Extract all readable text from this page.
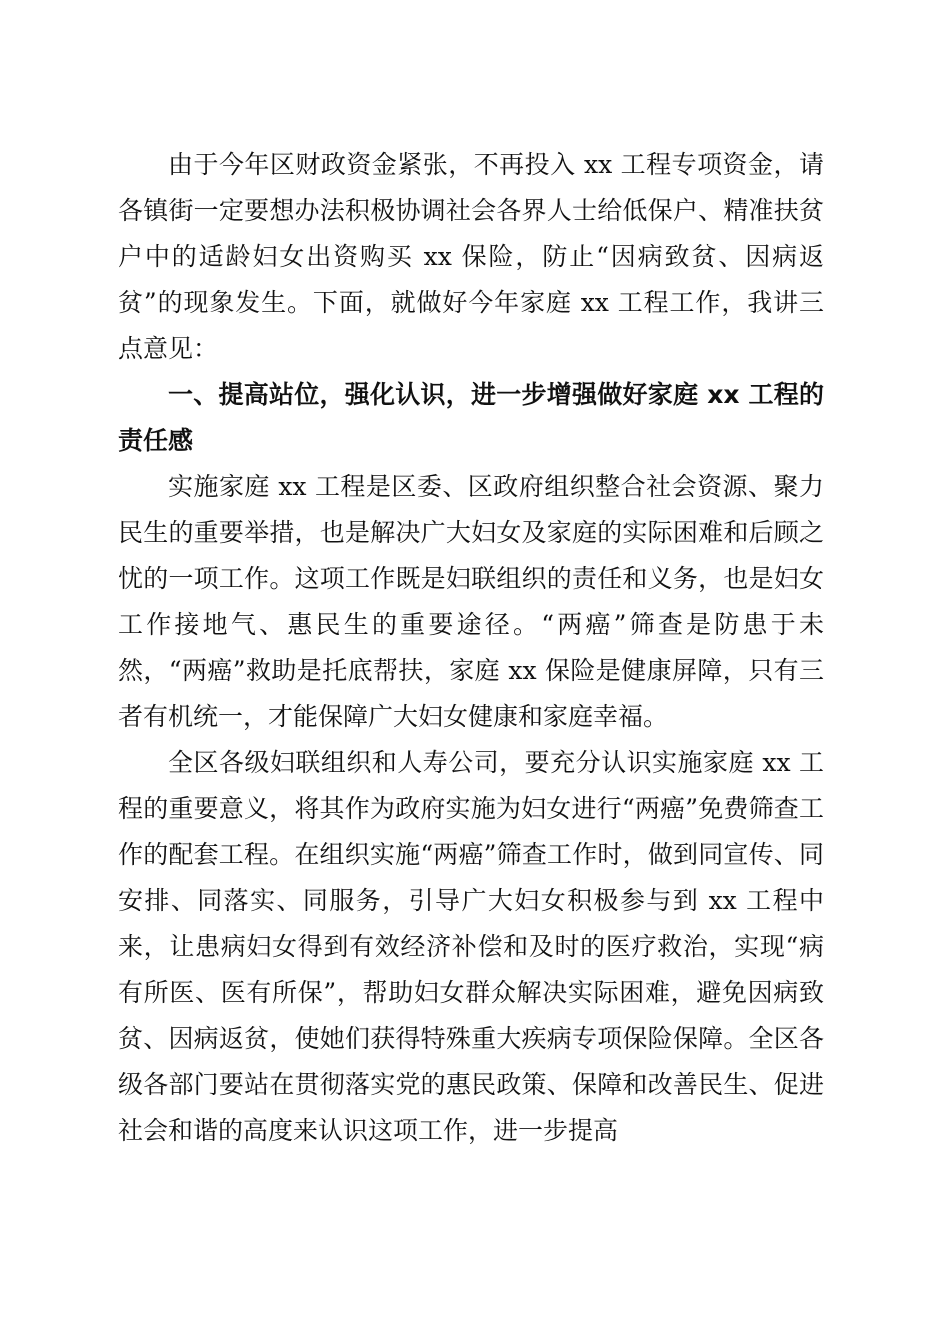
由于今年区财政资金紧张，不再投入 xx 工程专项资金，请各镇街一定要想办法积极协调社会各界人士给低保户、精准扶贫户中的适龄妇女出资购买 xx 保险，防止“因病致贫、因病返贫”的现象发生。下面，就做好今年家庭 xx 工程工作，我讲三点意见：

一、提高站位，强化认识，进一步增强做好家庭 xx 工程的责任感

实施家庭 xx 工程是区委、区政府组织整合社会资源、聚力民生的重要举措，也是解决广大妇女及家庭的实际困难和后顾之忧的一项工作。这项工作既是妇联组织的责任和义务，也是妇女工作接地气、惠民生的重要途径。“两癌”筛查是防患于未然，“两癌”救助是托底帮扶，家庭 xx 保险是健康屏障，只有三者有机统一，才能保障广大妇女健康和家庭幸福。

全区各级妇联组织和人寿公司，要充分认识实施家庭 xx 工程的重要意义，将其作为政府实施为妇女进行“两癌”免费筛查工作的配套工程。在组织实施“两癌”筛查工作时，做到同宣传、同安排、同落实、同服务，引导广大妇女积极参与到 xx 工程中来，让患病妇女得到有效经济补偿和及时的医疗救治，实现“病有所医、医有所保”，帮助妇女群众解决实际困难，避免因病致贫、因病返贫，使她们获得特殊重大疾病专项保险保障。全区各级各部门要站在贯彻落实党的惠民政策、保障和改善民生、促进社会和谐的高度来认识这项工作，进一步提高
